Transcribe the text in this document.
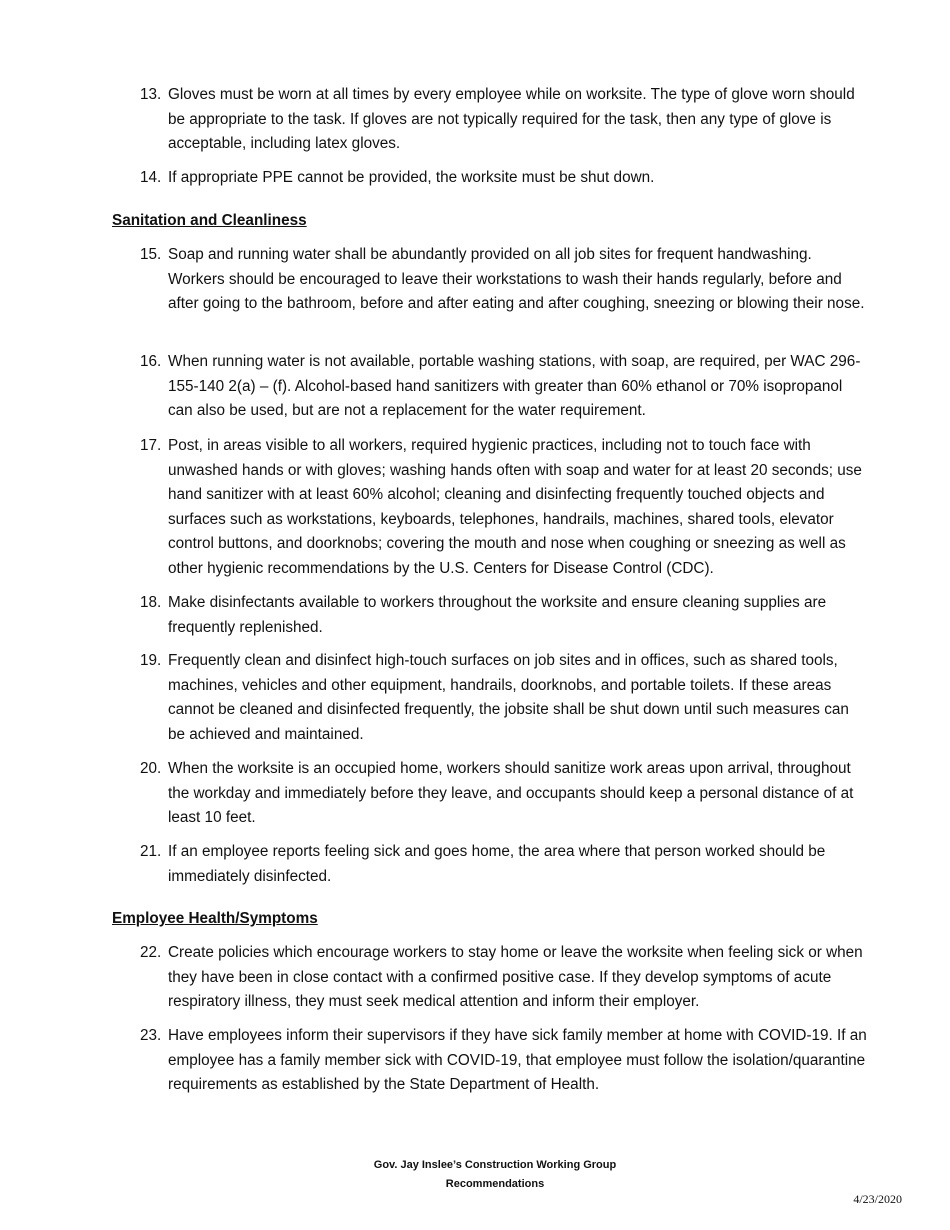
13. Gloves must be worn at all times by every employee while on worksite. The type of glove worn should be appropriate to the task. If gloves are not typically required for the task, then any type of glove is acceptable, including latex gloves.
14. If appropriate PPE cannot be provided, the worksite must be shut down.
Sanitation and Cleanliness
15. Soap and running water shall be abundantly provided on all job sites for frequent handwashing. Workers should be encouraged to leave their workstations to wash their hands regularly, before and after going to the bathroom, before and after eating and after coughing, sneezing or blowing their nose.
16. When running water is not available, portable washing stations, with soap, are required, per WAC 296-155-140 2(a) – (f). Alcohol-based hand sanitizers with greater than 60% ethanol or 70% isopropanol can also be used, but are not a replacement for the water requirement.
17. Post, in areas visible to all workers, required hygienic practices, including not to touch face with unwashed hands or with gloves; washing hands often with soap and water for at least 20 seconds; use hand sanitizer with at least 60% alcohol; cleaning and disinfecting frequently touched objects and surfaces such as workstations, keyboards, telephones, handrails, machines, shared tools, elevator control buttons, and doorknobs; covering the mouth and nose when coughing or sneezing as well as other hygienic recommendations by the U.S. Centers for Disease Control (CDC).
18. Make disinfectants available to workers throughout the worksite and ensure cleaning supplies are frequently replenished.
19. Frequently clean and disinfect high-touch surfaces on job sites and in offices, such as shared tools, machines, vehicles and other equipment, handrails, doorknobs, and portable toilets. If these areas cannot be cleaned and disinfected frequently, the jobsite shall be shut down until such measures can be achieved and maintained.
20. When the worksite is an occupied home, workers should sanitize work areas upon arrival, throughout the workday and immediately before they leave, and occupants should keep a personal distance of at least 10 feet.
21. If an employee reports feeling sick and goes home, the area where that person worked should be immediately disinfected.
Employee Health/Symptoms
22. Create policies which encourage workers to stay home or leave the worksite when feeling sick or when they have been in close contact with a confirmed positive case. If they develop symptoms of acute respiratory illness, they must seek medical attention and inform their employer.
23. Have employees inform their supervisors if they have sick family member at home with COVID-19. If an employee has a family member sick with COVID-19, that employee must follow the isolation/quarantine requirements as established by the State Department of Health.
Gov. Jay Inslee’s Construction Working Group
Recommendations
4/23/2020
